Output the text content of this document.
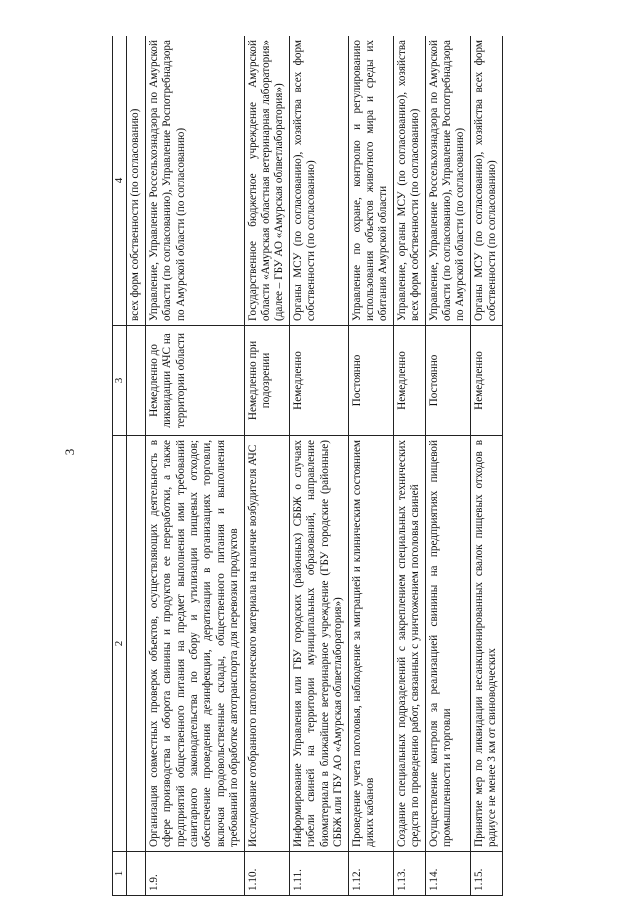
3
1	2	3	4
			всех форм собственности (по согласованию)
1.9.	Организация совместных проверок объектов, осуществляющих деятельность в сфере производства и оборота свинины и продуктов ее переработки, а также предприятий общественного питания на предмет выполнения ими требований санитарного законодательства по сбору и утилизации пищевых отходов; обеспечение проведения дезинфекции, дератизации в организациях торговли, включая продовольственные склады, общественного питания и выполнения требований по обработке автотранспорта для перевозки продуктов	Немедленно до ликвидации АЧС на территории области	Управление, Управление Россельхознадзора по Амурской области (по согласованию), Управление Роспотребнадзора по Амурской области (по согласованию)
1.10.	Исследование отобранного патологического материала на наличие возбудителя АЧС	Немедленно при подозрении	Государственное бюджетное учреждение Амурской области «Амурская областная ветеринарная лаборатория» (далее – ГБУ АО «Амурская облветлаборатория»)
1.11.	Информирование Управления или ГБУ городских (районных) СББЖ о случаях гибели свиней на территории муниципальных образований, направление биоматериала в ближайшее ветеринарное учреждение (ГБУ городские (районные) СББЖ или ГБУ АО «Амурская облветлаборатория»)	Немедленно	Органы МСУ (по согласованию), хозяйства всех форм собственности (по согласованию)
1.12.	Проведение учета поголовья, наблюдение за миграцией и клиническим состоянием диких кабанов	Постоянно	Управление по охране, контролю и регулированию использования объектов животного мира и среды их обитания Амурской области
1.13.	Создание специальных подразделений с закреплением специальных технических средств по проведению работ, связанных с уничтожением поголовья свиней	Немедленно	Управление, органы МСУ (по согласованию), хозяйства всех форм собственности (по согласованию)
1.14.	Осуществление контроля за реализацией свинины на предприятиях пищевой промышленности и торговли	Постоянно	Управление, Управление Россельхознадзора по Амурской области (по согласованию), Управление Роспотребнадзора по Амурской области (по согласованию)
1.15.	Принятие мер по ликвидации несанкционированных свалок пищевых отходов в радиусе не менее 3 км от свиноводческих	Немедленно	Органы МСУ (по согласованию), хозяйства всех форм собственности (по согласованию)
